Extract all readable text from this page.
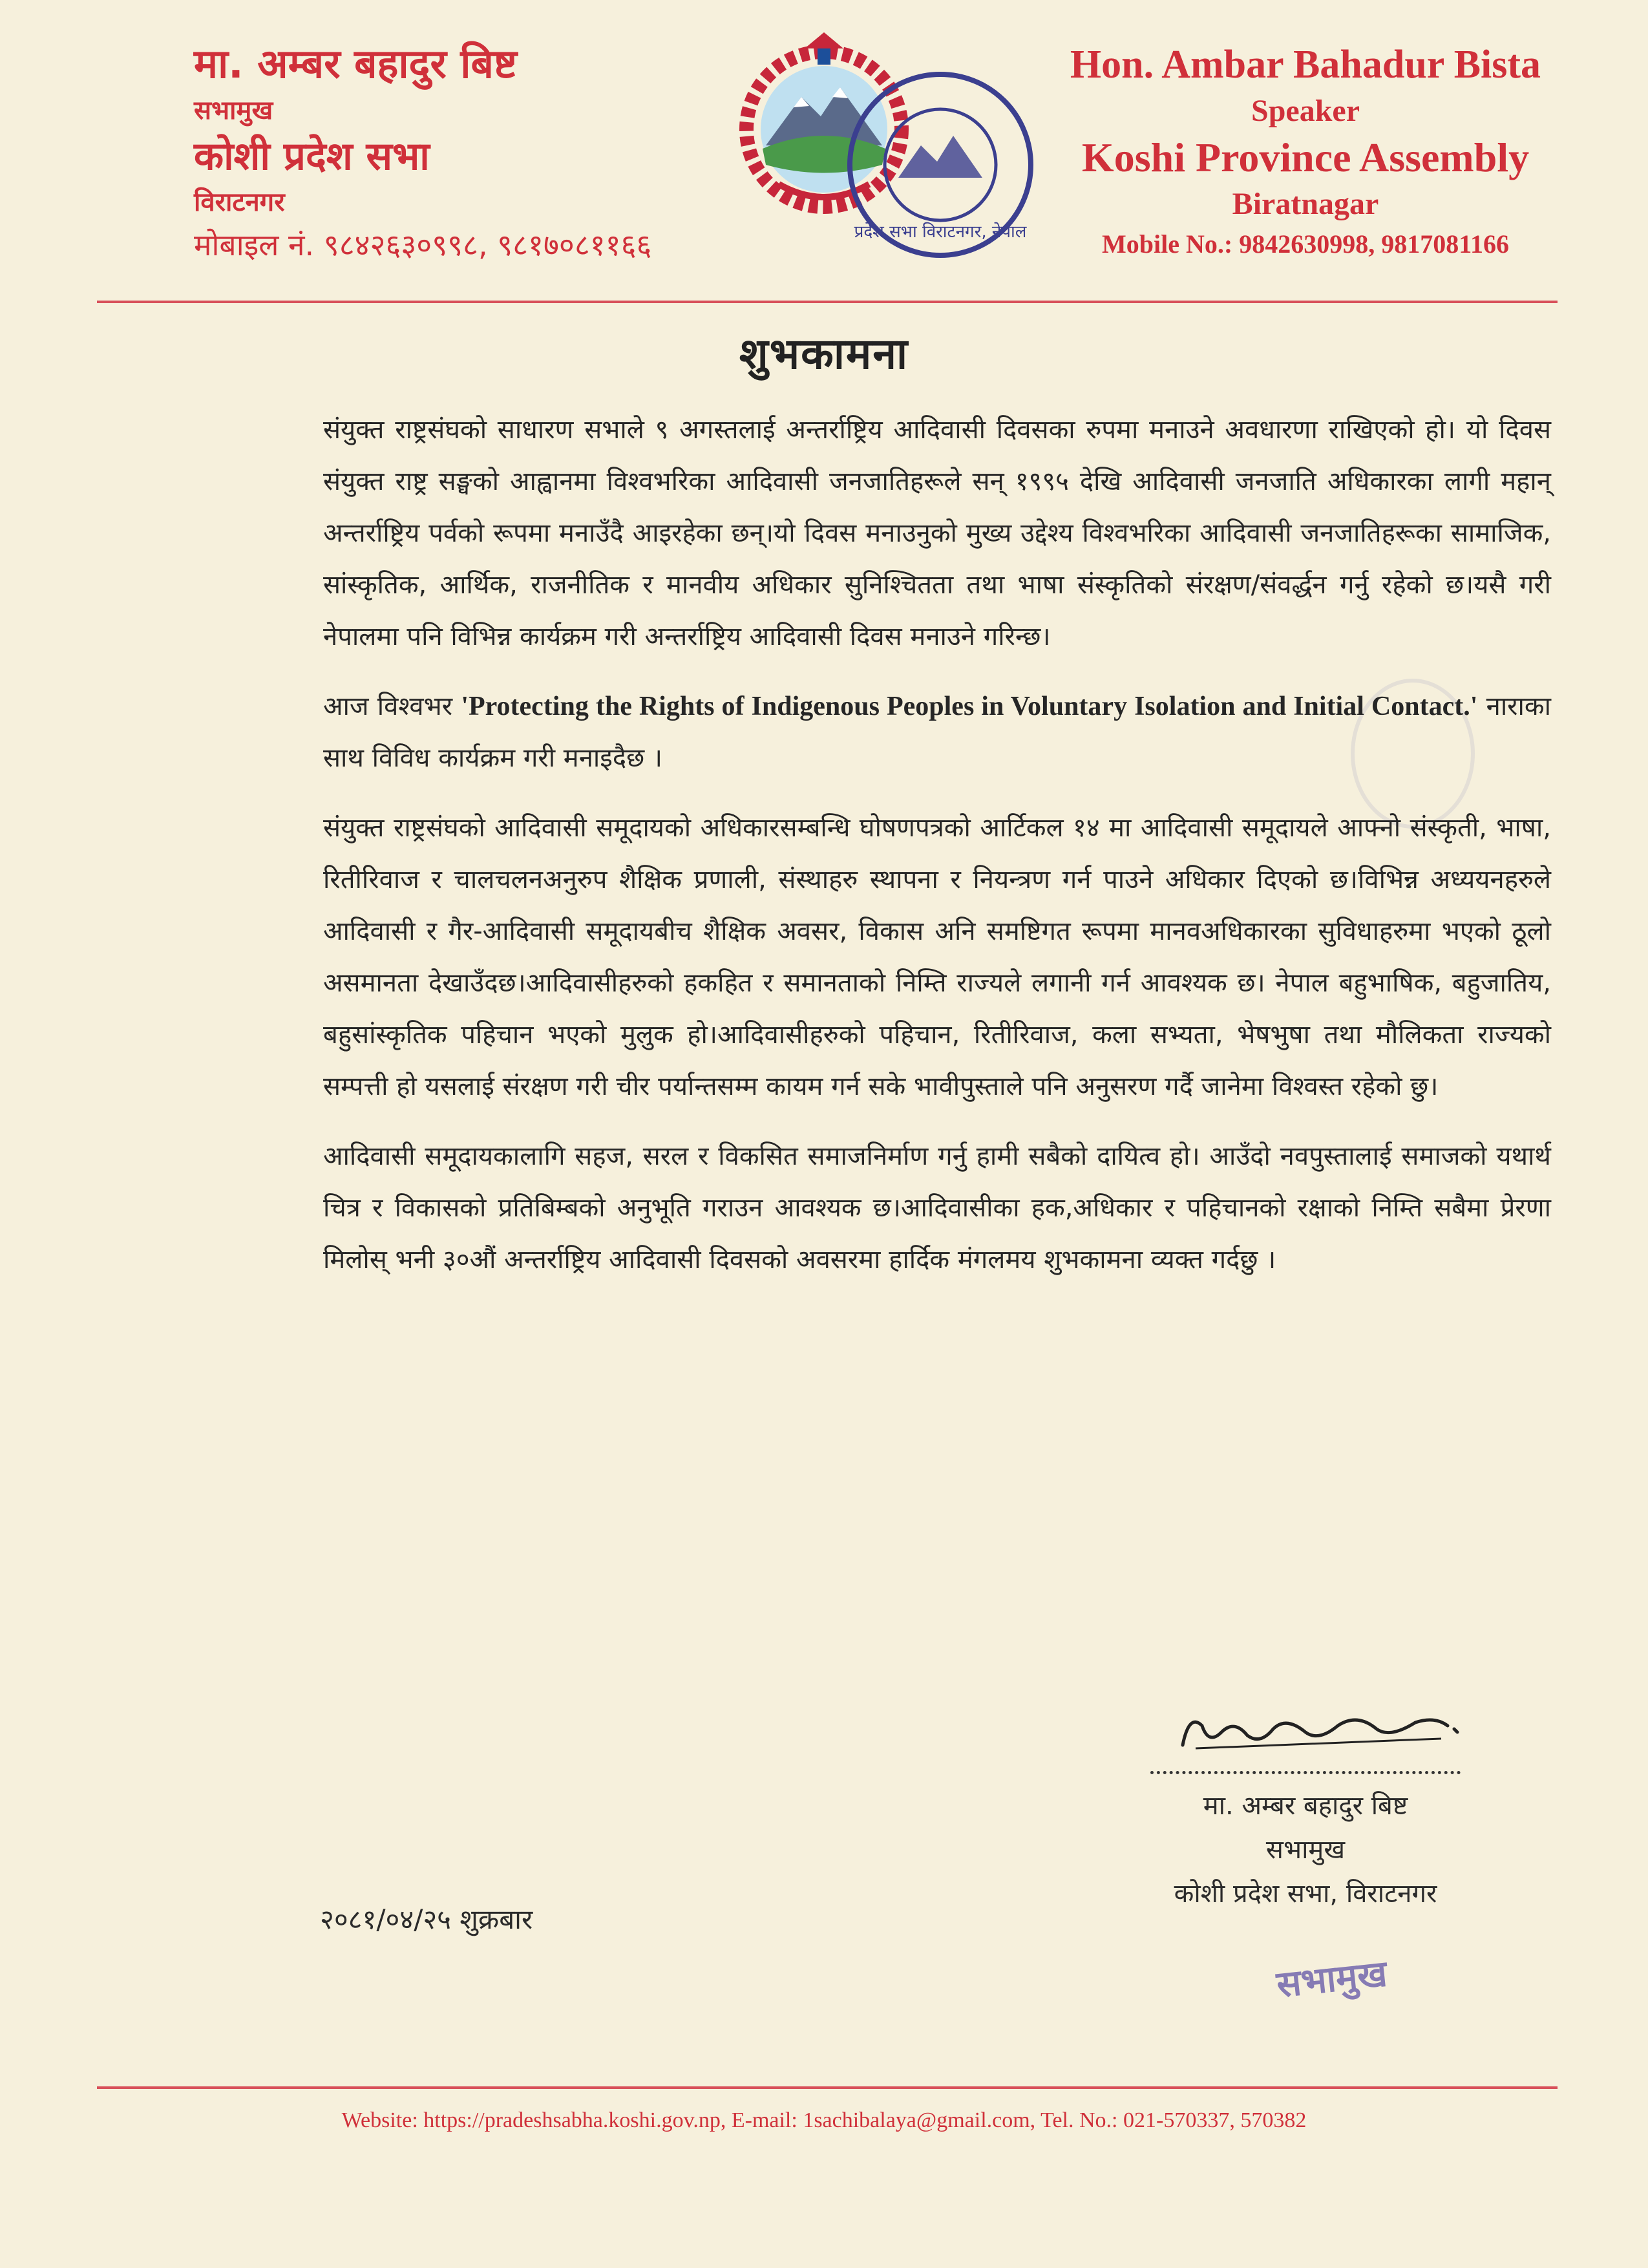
मा. अम्बर बहादुर बिष्ट
सभामुख
कोशी प्रदेश सभा
विराटनगर
मोबाइल नं. ९८४२६३०९९८, ९८१७०८११६६	प्रदेश सभा विराटनगर, नेपाल
Hon. Ambar Bahadur Bista
Speaker
Koshi Province Assembly
Biratnagar
Mobile No.: 9842630998, 9817081166
शुभकामना

संयुक्त राष्ट्रसंघको साधारण सभाले ९ अगस्तलाई अन्तर्राष्ट्रिय आदिवासी दिवसका रुपमा मनाउने अवधारणा राखिएको हो। यो दिवस संयुक्त राष्ट्र सङ्घको आह्वानमा विश्वभरिका आदिवासी जनजातिहरूले सन् १९९५ देखि आदिवासी जनजाति अधिकारका लागी महान् अन्तर्राष्ट्रिय पर्वको रूपमा मनाउँदै आइरहेका छन्।यो दिवस मनाउनुको मुख्य उद्देश्य विश्वभरिका आदिवासी जनजातिहरूका सामाजिक, सांस्कृतिक, आर्थिक, राजनीतिक र मानवीय अधिकार सुनिश्चितता तथा भाषा संस्कृतिको संरक्षण/संवर्द्धन गर्नु रहेको छ।यसै गरी नेपालमा पनि विभिन्न कार्यक्रम गरी अन्तर्राष्ट्रिय आदिवासी दिवस मनाउने गरिन्छ।

आज विश्वभर 'Protecting the Rights of Indigenous Peoples in Voluntary Isolation and Initial Contact.' नाराका साथ विविध कार्यक्रम गरी मनाइदैछ ।

संयुक्त राष्ट्रसंघको आदिवासी समूदायको अधिकारसम्बन्धि घोषणपत्रको आर्टिकल १४ मा आदिवासी समूदायले आफ्नो संस्कृती, भाषा, रितीरिवाज र चालचलनअनुरुप शैक्षिक प्रणाली, संस्थाहरु स्थापना र नियन्त्रण गर्न पाउने अधिकार दिएको छ।विभिन्न अध्ययनहरुले आदिवासी र गैर-आदिवासी समूदायबीच शैक्षिक अवसर, विकास अनि समष्टिगत रूपमा मानवअधिकारका सुविधाहरुमा भएको ठूलो असमानता देखाउँदछ।आदिवासीहरुको हकहित र समानताको निम्ति राज्यले लगानी गर्न आवश्यक छ। नेपाल बहुभाषिक, बहुजातिय, बहुसांस्कृतिक पहिचान भएको मुलुक हो।आदिवासीहरुको पहिचान, रितीरिवाज, कला सभ्यता, भेषभुषा तथा मौलिकता राज्यको सम्पत्ती हो यसलाई संरक्षण गरी चीर पर्यान्तसम्म कायम गर्न सके भावीपुस्ताले पनि अनुसरण गर्दै जानेमा विश्वस्त रहेको छु।

आदिवासी समूदायकालागि सहज, सरल र विकसित समाजनिर्माण गर्नु हामी सबैको दायित्व हो। आउँदो नवपुस्तालाई समाजको यथार्थ चित्र र विकासको प्रतिबिम्बको अनुभूति गराउन आवश्यक छ।आदिवासीका हक,अधिकार र पहिचानको रक्षाको निम्ति सबैमा प्रेरणा मिलोस् भनी ३०औं अन्तर्राष्ट्रिय आदिवासी दिवसको अवसरमा हार्दिक मंगलमय शुभकामना व्यक्त गर्दछु ।

मा. अम्बर बहादुर बिष्ट
सभामुख
कोशी प्रदेश सभा, विराटनगर
२०८१/०४/२५ शुक्रबार
सभामुख
Website: https://pradeshsabha.koshi.gov.np, E-mail: 1sachibalaya@gmail.com, Tel. No.: 021-570337, 570382
